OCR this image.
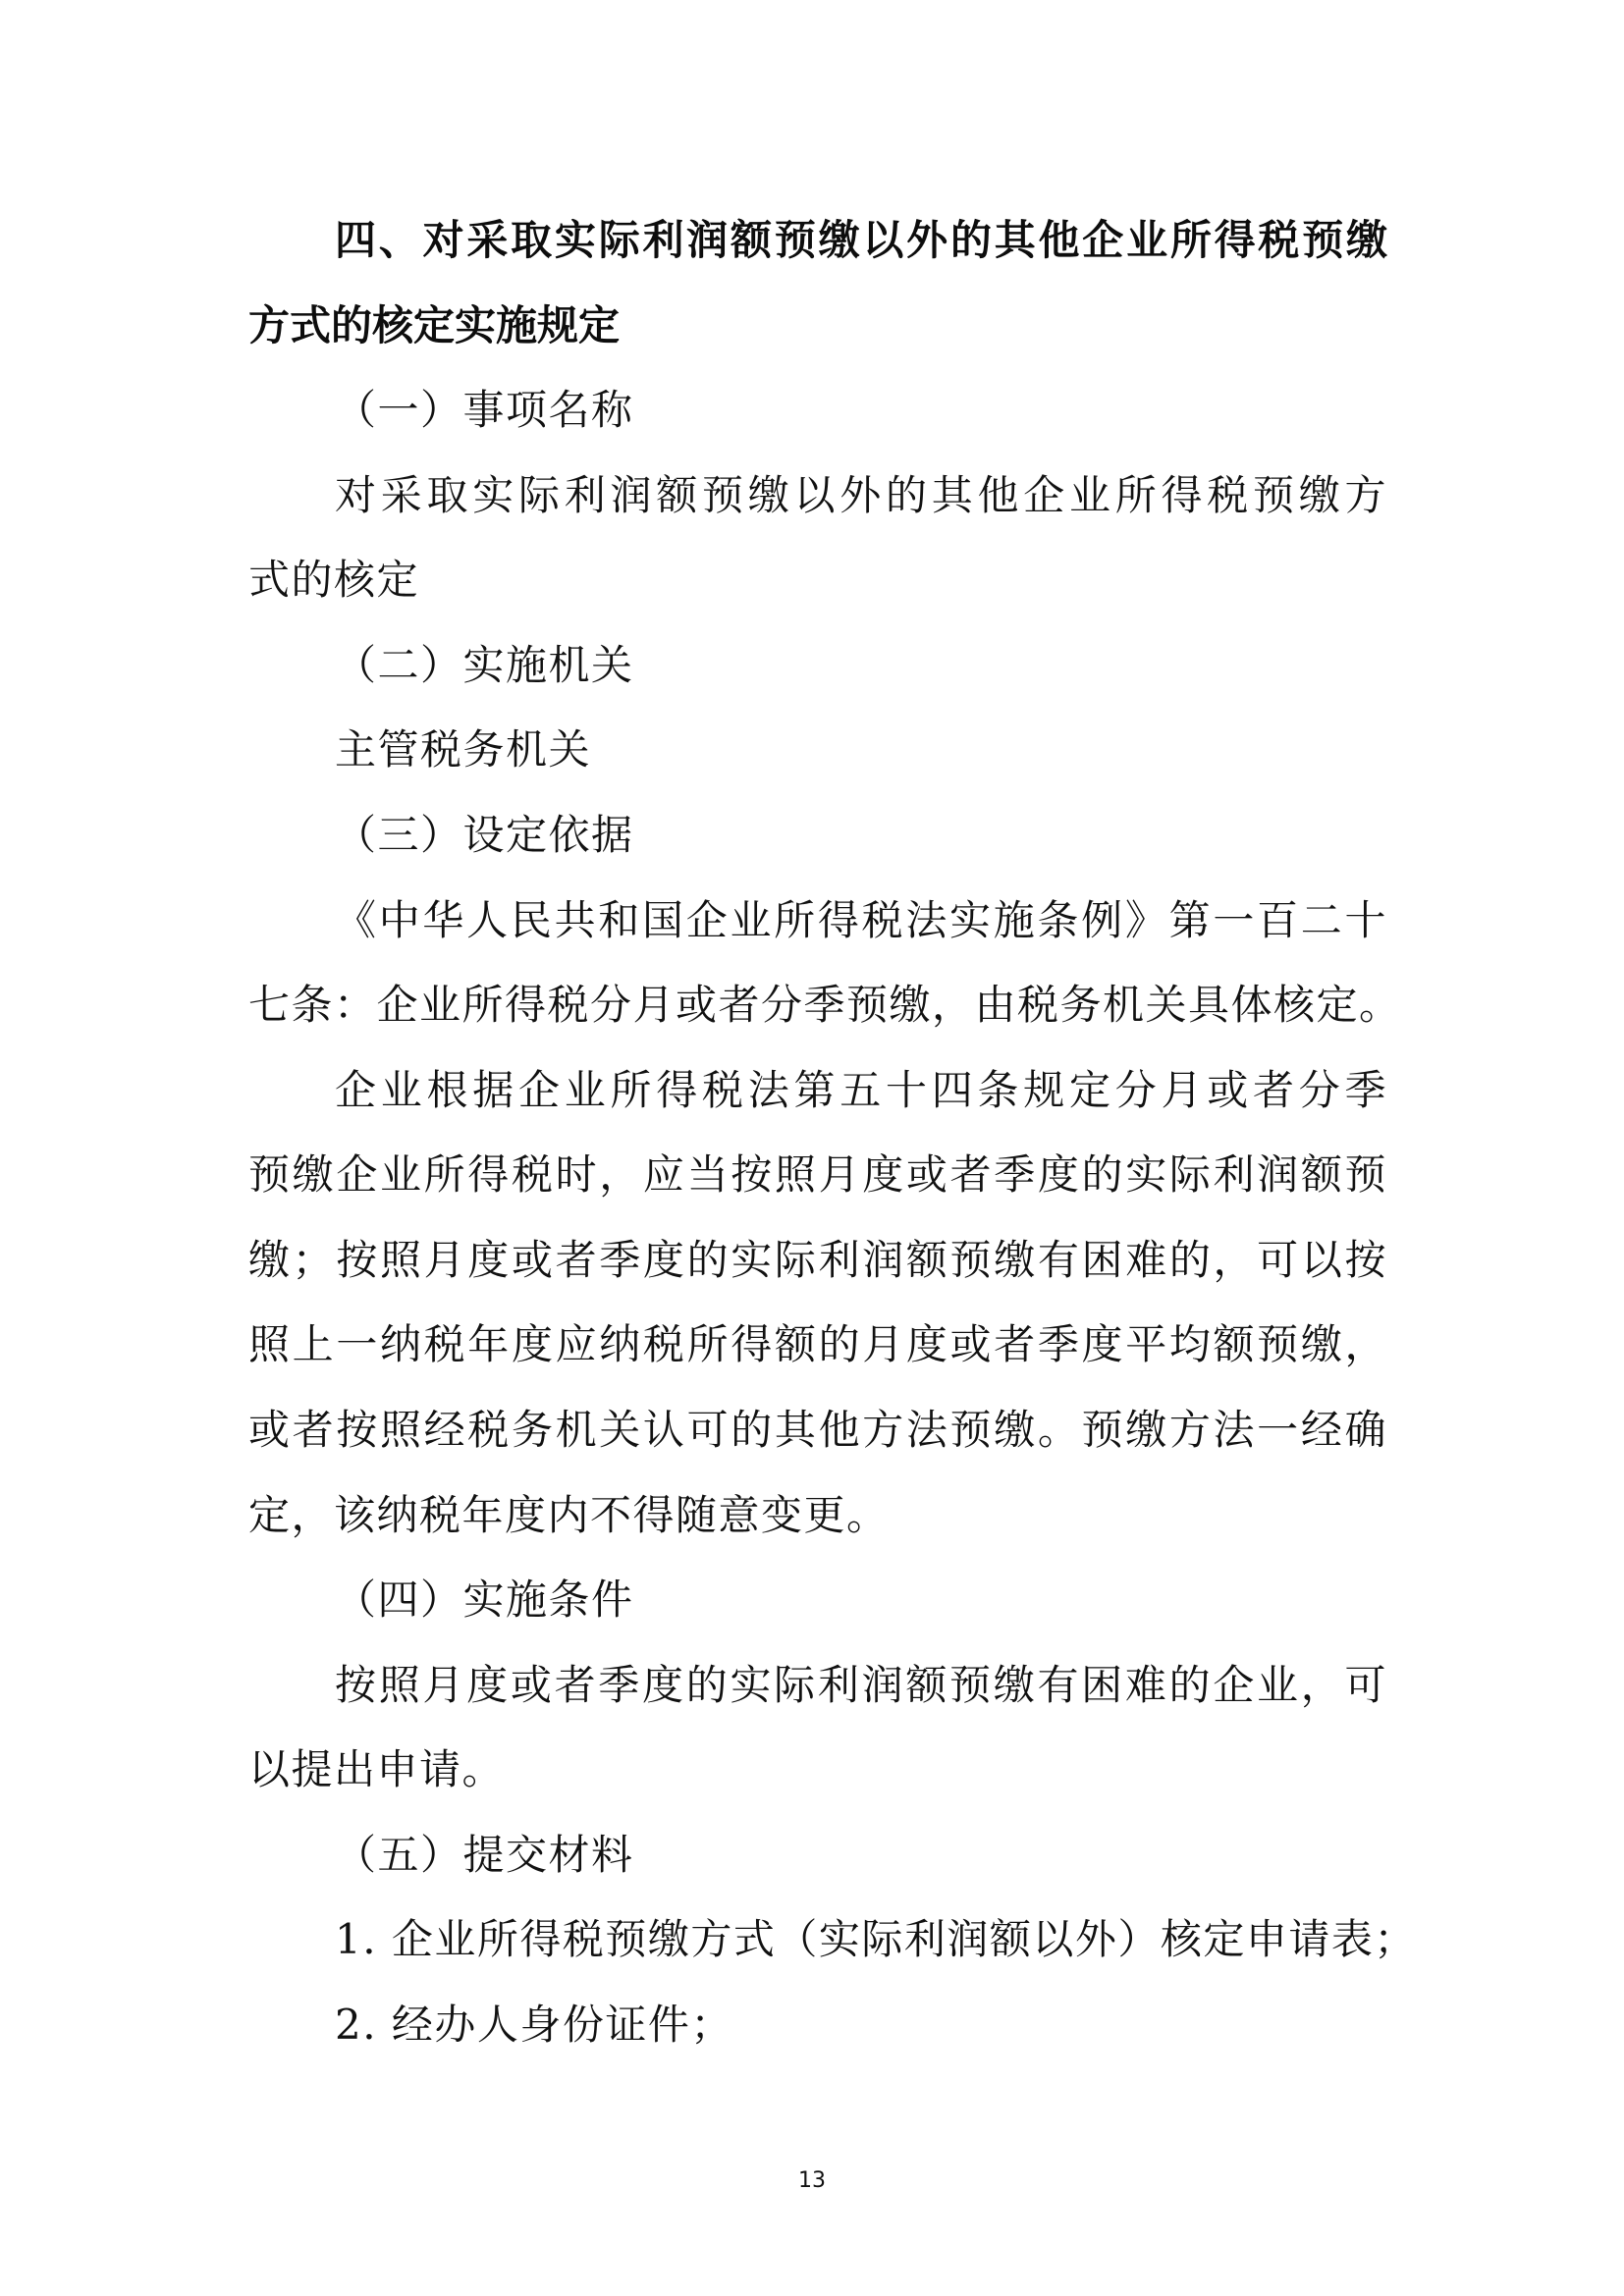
四、对采取实际利润额预缴以外的其他企业所得税预缴
方式的核定实施规定
（一）事项名称
对采取实际利润额预缴以外的其他企业所得税预缴方
式的核定
（二）实施机关
主管税务机关
（三）设定依据
《中华人民共和国企业所得税法实施条例》第一百二十
七条：企业所得税分月或者分季预缴，由税务机关具体核定。
企业根据企业所得税法第五十四条规定分月或者分季
预缴企业所得税时，应当按照月度或者季度的实际利润额预
缴；按照月度或者季度的实际利润额预缴有困难的，可以按
照上一纳税年度应纳税所得额的月度或者季度平均额预缴，
或者按照经税务机关认可的其他方法预缴。预缴方法一经确
定，该纳税年度内不得随意变更。
（四）实施条件
按照月度或者季度的实际利润额预缴有困难的企业，可
以提出申请。
（五）提交材料
1. 企业所得税预缴方式（实际利润额以外）核定申请表；
2. 经办人身份证件；
13
